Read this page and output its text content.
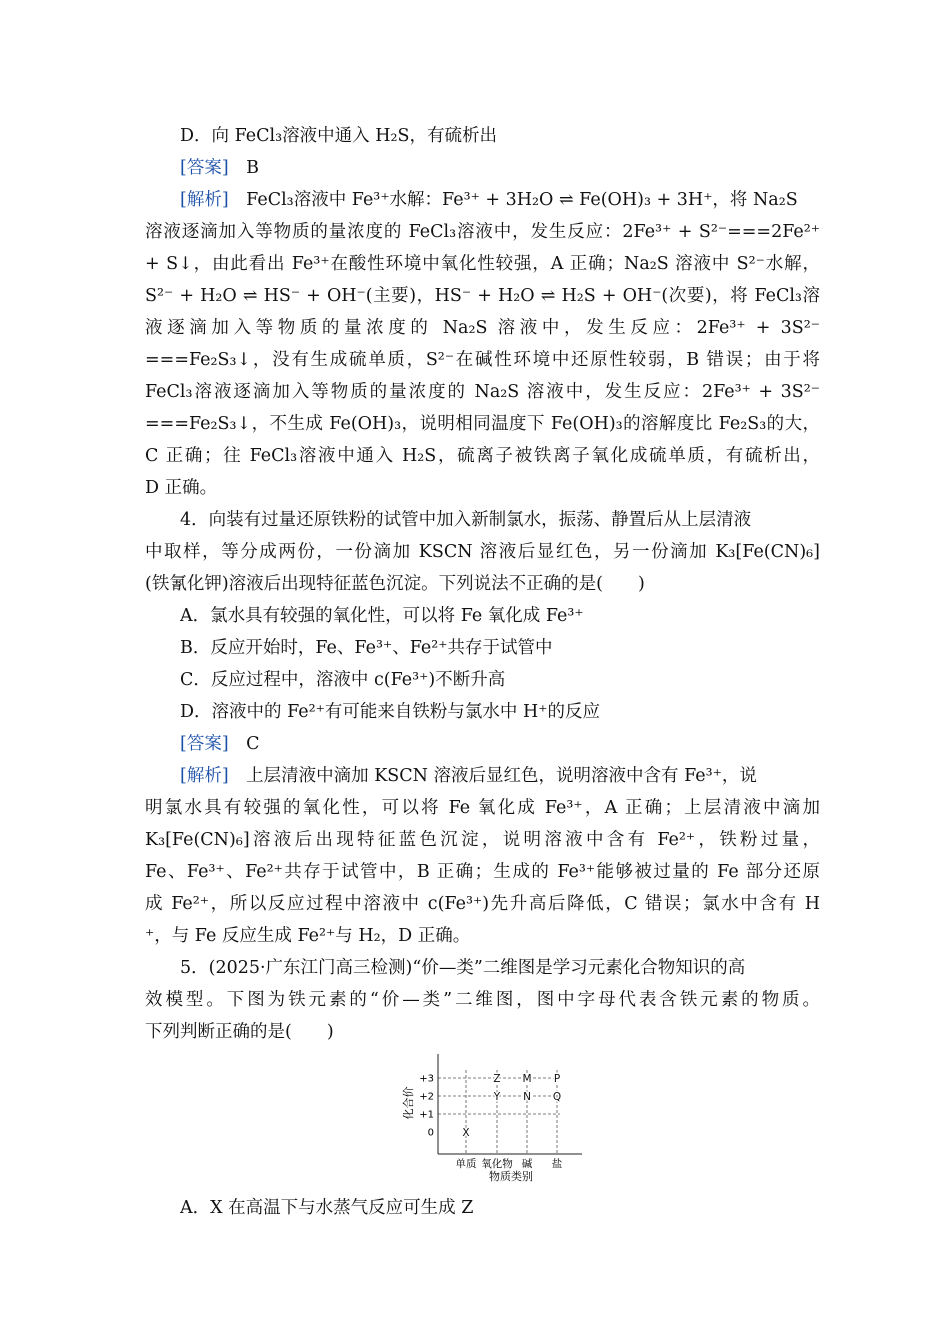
D．向 FeCl₃溶液中通入 H₂S，有硫析出
[答案]　 B
[解析]　 FeCl₃溶液中 Fe³⁺水解：Fe³⁺ + 3H₂O ⇌ Fe(OH)₃ + 3H⁺，将 Na₂S
溶液逐滴加入等物质的量浓度的 FeCl₃溶液中，发生反应：2Fe³⁺ + S²⁻===2Fe²⁺
+ S↓，由此看出 Fe³⁺在酸性环境中氧化性较强，A 正确；Na₂S 溶液中 S²⁻水解，
S²⁻ + H₂O ⇌ HS⁻ + OH⁻(主要)，HS⁻ + H₂O ⇌ H₂S + OH⁻(次要)，将 FeCl₃溶
液逐滴加入等物质的量浓度的 Na₂S 溶液中，发生反应：2Fe³⁺ + 3S²⁻
===Fe₂S₃↓，没有生成硫单质，S²⁻在碱性环境中还原性较弱，B 错误；由于将
FeCl₃溶液逐滴加入等物质的量浓度的 Na₂S 溶液中，发生反应：2Fe³⁺ + 3S²⁻
===Fe₂S₃↓，不生成 Fe(OH)₃，说明相同温度下 Fe(OH)₃的溶解度比 Fe₂S₃的大，
C 正确；往 FeCl₃溶液中通入 H₂S，硫离子被铁离子氧化成硫单质，有硫析出，
D 正确。
4．向装有过量还原铁粉的试管中加入新制氯水，振荡、静置后从上层清液
中取样，等分成两份，一份滴加 KSCN 溶液后显红色，另一份滴加 K₃[Fe(CN)₆]
(铁氰化钾)溶液后出现特征蓝色沉淀。下列说法不正确的是(　　)
A．氯水具有较强的氧化性，可以将 Fe 氧化成 Fe³⁺
B．反应开始时，Fe、Fe³⁺、Fe²⁺共存于试管中
C．反应过程中，溶液中 c(Fe³⁺)不断升高
D．溶液中的 Fe²⁺有可能来自铁粉与氯水中 H⁺的反应
[答案]　 C
[解析]　 上层清液中滴加 KSCN 溶液后显红色，说明溶液中含有 Fe³⁺，说
明氯水具有较强的氧化性，可以将 Fe 氧化成 Fe³⁺，A 正确；上层清液中滴加
K₃[Fe(CN)₆]溶液后出现特征蓝色沉淀，说明溶液中含有 Fe²⁺，铁粉过量，
Fe、Fe³⁺、Fe²⁺共存于试管中，B 正确；生成的 Fe³⁺能够被过量的 Fe 部分还原
成 Fe²⁺，所以反应过程中溶液中 c(Fe³⁺)先升高后降低，C 错误；氯水中含有 H
⁺，与 Fe 反应生成 Fe²⁺与 H₂，D 正确。
5．(2025·广东江门高三检测)“价—类”二维图是学习元素化合物知识的高
效模型。下图为铁元素的“价—类”二维图，图中字母代表含铁元素的物质。
下列判断正确的是(　　)
化合价
物质类别
+3
+2
+1
0
单质 氧化物 碱 盐
X
Y
Z
N
M
Q
P
A．X 在高温下与水蒸气反应可生成 Z
